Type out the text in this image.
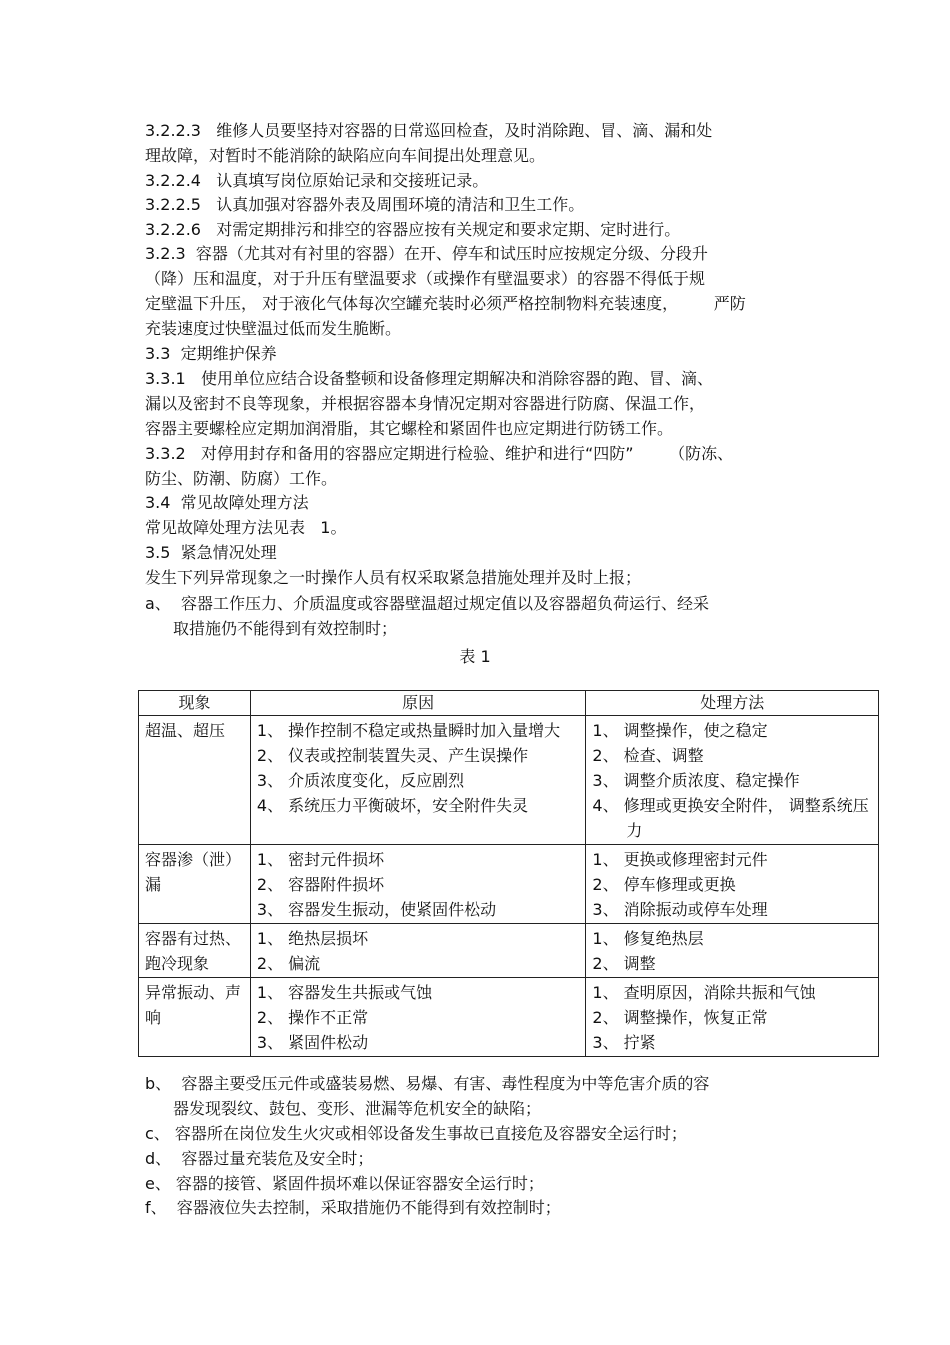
3.2.2.3   维修人员要坚持对容器的日常巡回检查，及时消除跑、冒、滴、漏和处
理故障，对暂时不能消除的缺陷应向车间提出处理意见。
3.2.2.4   认真填写岗位原始记录和交接班记录。
3.2.2.5   认真加强对容器外表及周围环境的清洁和卫生工作。
3.2.2.6   对需定期排污和排空的容器应按有关规定和要求定期、定时进行。
3.2.3  容器（尤其对有衬里的容器）在开、停车和试压时应按规定分级、分段升
（降）压和温度，对于升压有壁温要求（或操作有壁温要求）的容器不得低于规
定壁温下升压， 对于液化气体每次空罐充装时必须严格控制物料充装速度，       严防
充装速度过快壁温过低而发生脆断。
3.3  定期维护保养
3.3.1   使用单位应结合设备整顿和设备修理定期解决和消除容器的跑、冒、滴、
漏以及密封不良等现象，并根据容器本身情况定期对容器进行防腐、保温工作，
容器主要螺栓应定期加润滑脂，其它螺栓和紧固件也应定期进行防锈工作。
3.3.2   对停用封存和备用的容器应定期进行检验、维护和进行“四防”       （防冻、
防尘、防潮、防腐）工作。
3.4  常见故障处理方法
常见故障处理方法见表   1。
3.5  紧急情况处理
发生下列异常现象之一时操作人员有权采取紧急措施处理并及时上报；
a、  容器工作压力、介质温度或容器壁温超过规定值以及容器超负荷运行、经采
取措施仍不能得到有效控制时；
表 1
现象	原因	处理方法
超温、超压	1、 操作控制不稳定或热量瞬时加入量增大
2、 仪表或控制装置失灵、产生误操作
3、 介质浓度变化，反应剧烈
4、 系统压力平衡破坏，安全附件失灵	1、 调整操作，使之稳定
2、 检查、调整
3、 调整介质浓度、稳定操作
4、 修理或更换安全附件， 调整系统压力

容器渗（泄）漏	1、 密封元件损坏
2、 容器附件损坏
3、 容器发生振动，使紧固件松动	1、 更换或修理密封元件
2、 停车修理或更换
3、 消除振动或停车处理

容器有过热、跑冷现象	1、 绝热层损坏
2、 偏流	1、 修复绝热层
2、 调整

异常振动、声响	1、 容器发生共振或气蚀
2、 操作不正常
3、 紧固件松动	1、 查明原因，消除共振和气蚀
2、 调整操作，恢复正常
3、 拧紧
b、  容器主要受压元件或盛装易燃、易爆、有害、毒性程度为中等危害介质的容
器发现裂纹、鼓包、变形、泄漏等危机安全的缺陷；
c、 容器所在岗位发生火灾或相邻设备发生事故已直接危及容器安全运行时；
d、  容器过量充装危及安全时；
e、 容器的接管、紧固件损坏难以保证容器安全运行时；
f、  容器液位失去控制，采取措施仍不能得到有效控制时；
